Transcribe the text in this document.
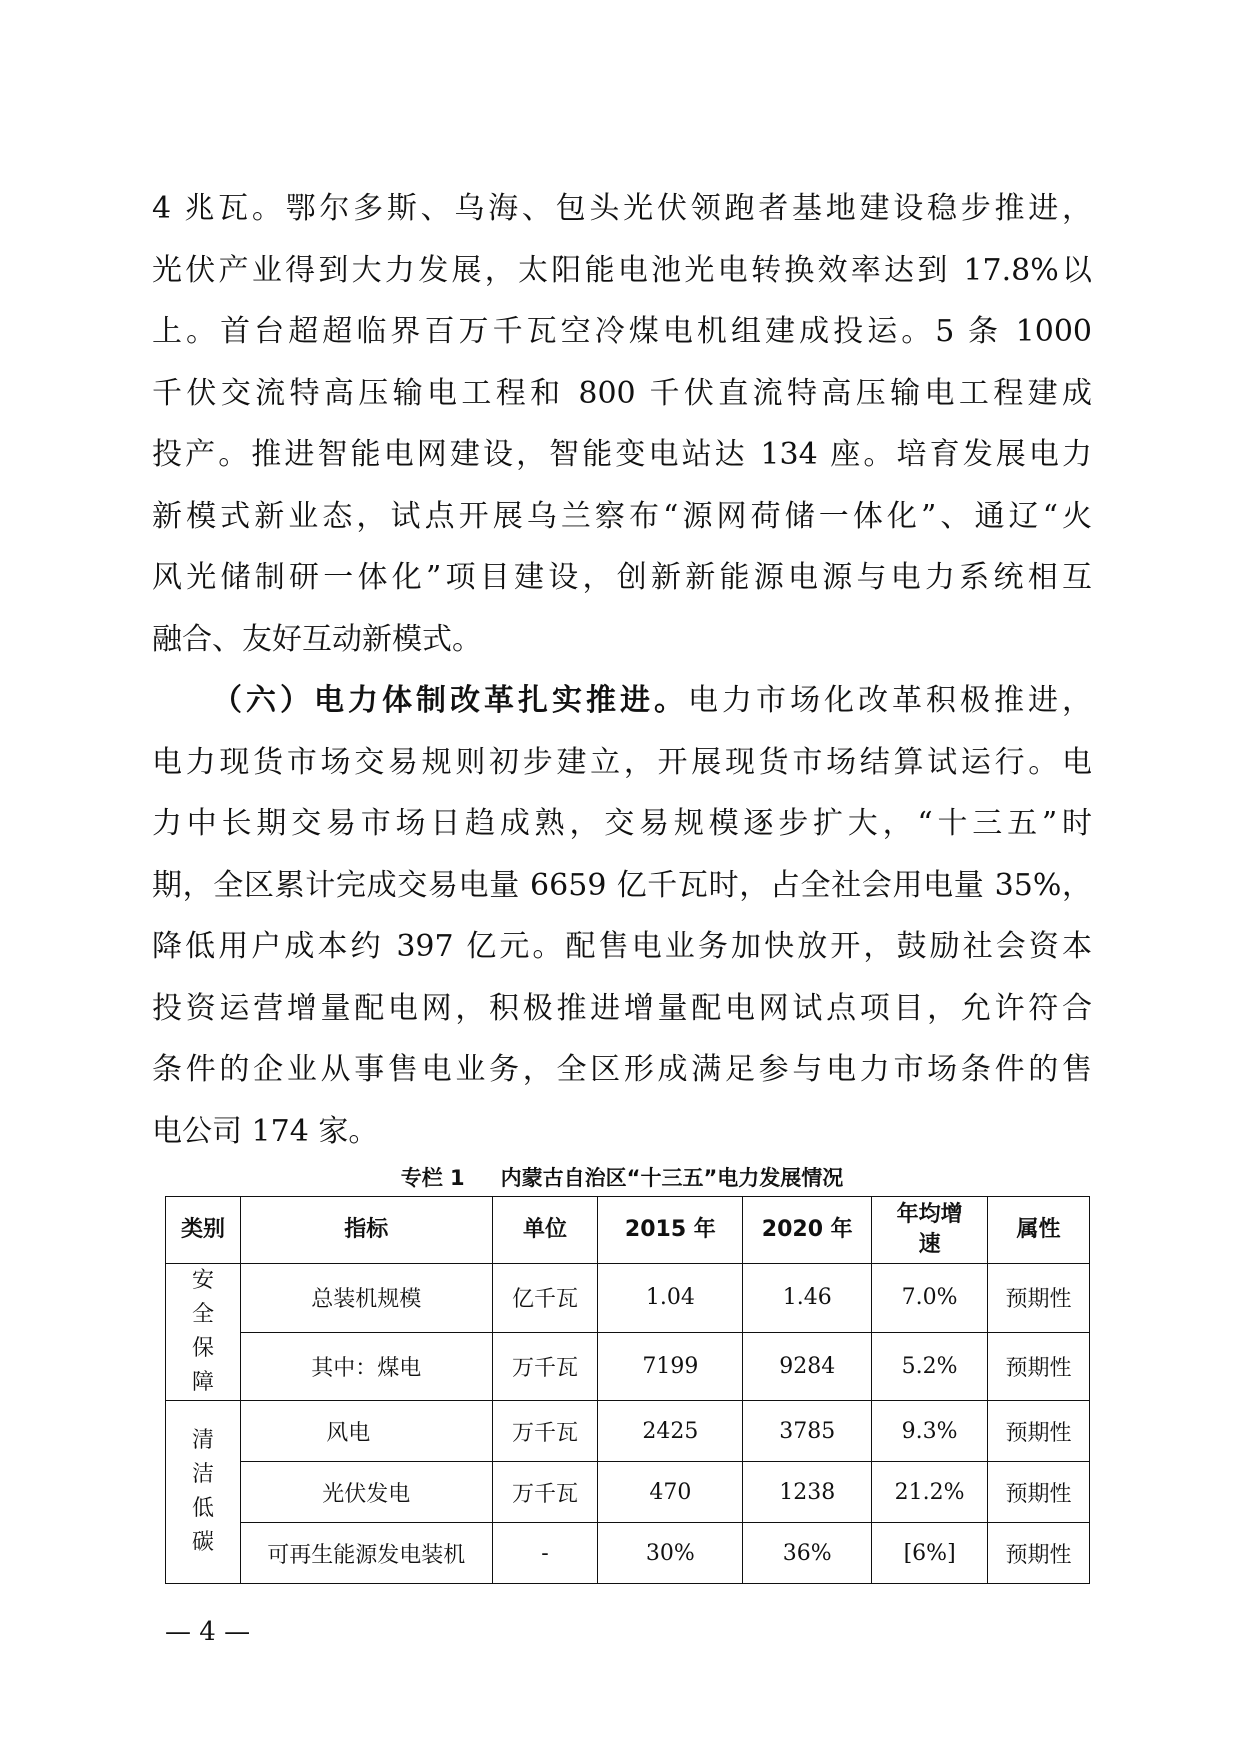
4 兆瓦。鄂尔多斯、乌海、包头光伏领跑者基地建设稳步推进，
光伏产业得到大力发展，太阳能电池光电转换效率达到 17.8%以
上。首台超超临界百万千瓦空冷煤电机组建成投运。5 条 1000
千伏交流特高压输电工程和 800 千伏直流特高压输电工程建成
投产。推进智能电网建设，智能变电站达 134 座。培育发展电力
新模式新业态，试点开展乌兰察布“源网荷储一体化”、通辽“火
风光储制研一体化”项目建设，创新新能源电源与电力系统相互
融合、友好互动新模式。
（六）电力体制改革扎实推进。电力市场化改革积极推进，
电力现货市场交易规则初步建立，开展现货市场结算试运行。电
力中长期交易市场日趋成熟，交易规模逐步扩大，“十三五”时
期，全区累计完成交易电量 6659 亿千瓦时，占全社会用电量 35%，
降低用户成本约 397 亿元。配售电业务加快放开，鼓励社会资本
投资运营增量配电网，积极推进增量配电网试点项目，允许符合
条件的企业从事售电业务，全区形成满足参与电力市场条件的售
电公司 174 家。
专栏 1 内蒙古自治区“十三五”电力发展情况
类别	指标	单位	2015 年	2020 年	年均增速	属性
安全保障	总装机规模	亿千瓦	1.04	1.46	7.0%	预期性
	其中：煤电	万千瓦	7199	9284	5.2%	预期性
清洁低碳	风电	万千瓦	2425	3785	9.3%	预期性
	光伏发电	万千瓦	470	1238	21.2%	预期性
	可再生能源发电装机	-	30%	36%	[6%]	预期性
— 4 —
